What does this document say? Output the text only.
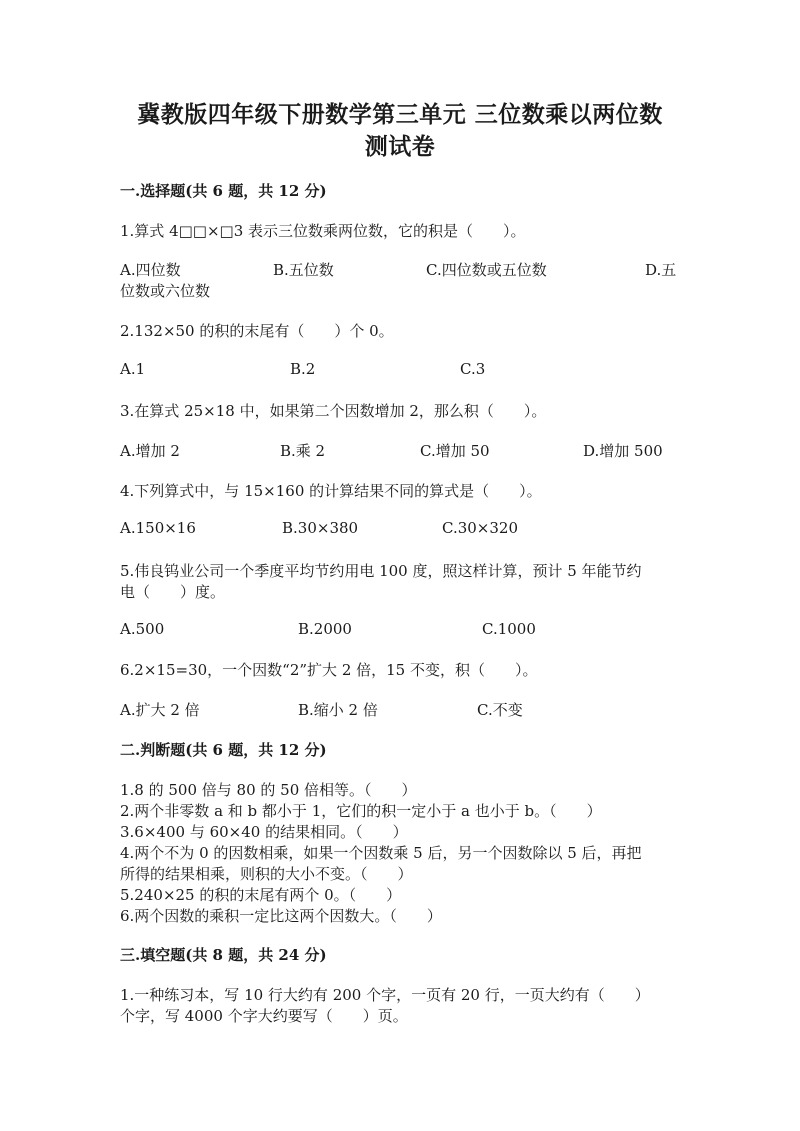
冀教版四年级下册数学第三单元 三位数乘以两位数
测试卷
一.选择题(共 6 题，共 12 分)
1.算式 4□□×□3 表示三位数乘两位数，它的积是（　　）。
A.四位数	B.五位数	C.四位数或五位数	D.五
位数或六位数
2.132×50 的积的末尾有（　　）个 0。
A.1	B.2	C.3
3.在算式 25×18 中，如果第二个因数增加 2，那么积（　　）。
A.增加 2	B.乘 2	C.增加 50	D.增加 500
4.下列算式中，与 15×160 的计算结果不同的算式是（　　）。
A.150×16	B.30×380	C.30×320
5.伟良钨业公司一个季度平均节约用电 100 度，照这样计算，预计 5 年能节约
电（　　）度。
A.500	B.2000	C.1000
6.2×15=30，一个因数“2”扩大 2 倍，15 不变，积（　　）。
A.扩大 2 倍	B.缩小 2 倍	C.不变
二.判断题(共 6 题，共 12 分)
1.8 的 500 倍与 80 的 50 倍相等。（　　）
2.两个非零数 a 和 b 都小于 1，它们的积一定小于 a 也小于 b。（　　）
3.6×400 与 60×40 的结果相同。（　　）
4.两个不为 0 的因数相乘，如果一个因数乘 5 后，另一个因数除以 5 后，再把
所得的结果相乘，则积的大小不变。（　　）
5.240×25 的积的末尾有两个 0。（　　）
6.两个因数的乘积一定比这两个因数大。（　　）
三.填空题(共 8 题，共 24 分)
1.一种练习本，写 10 行大约有 200 个字，一页有 20 行，一页大约有（　　）
个字，写 4000 个字大约要写（　　）页。
